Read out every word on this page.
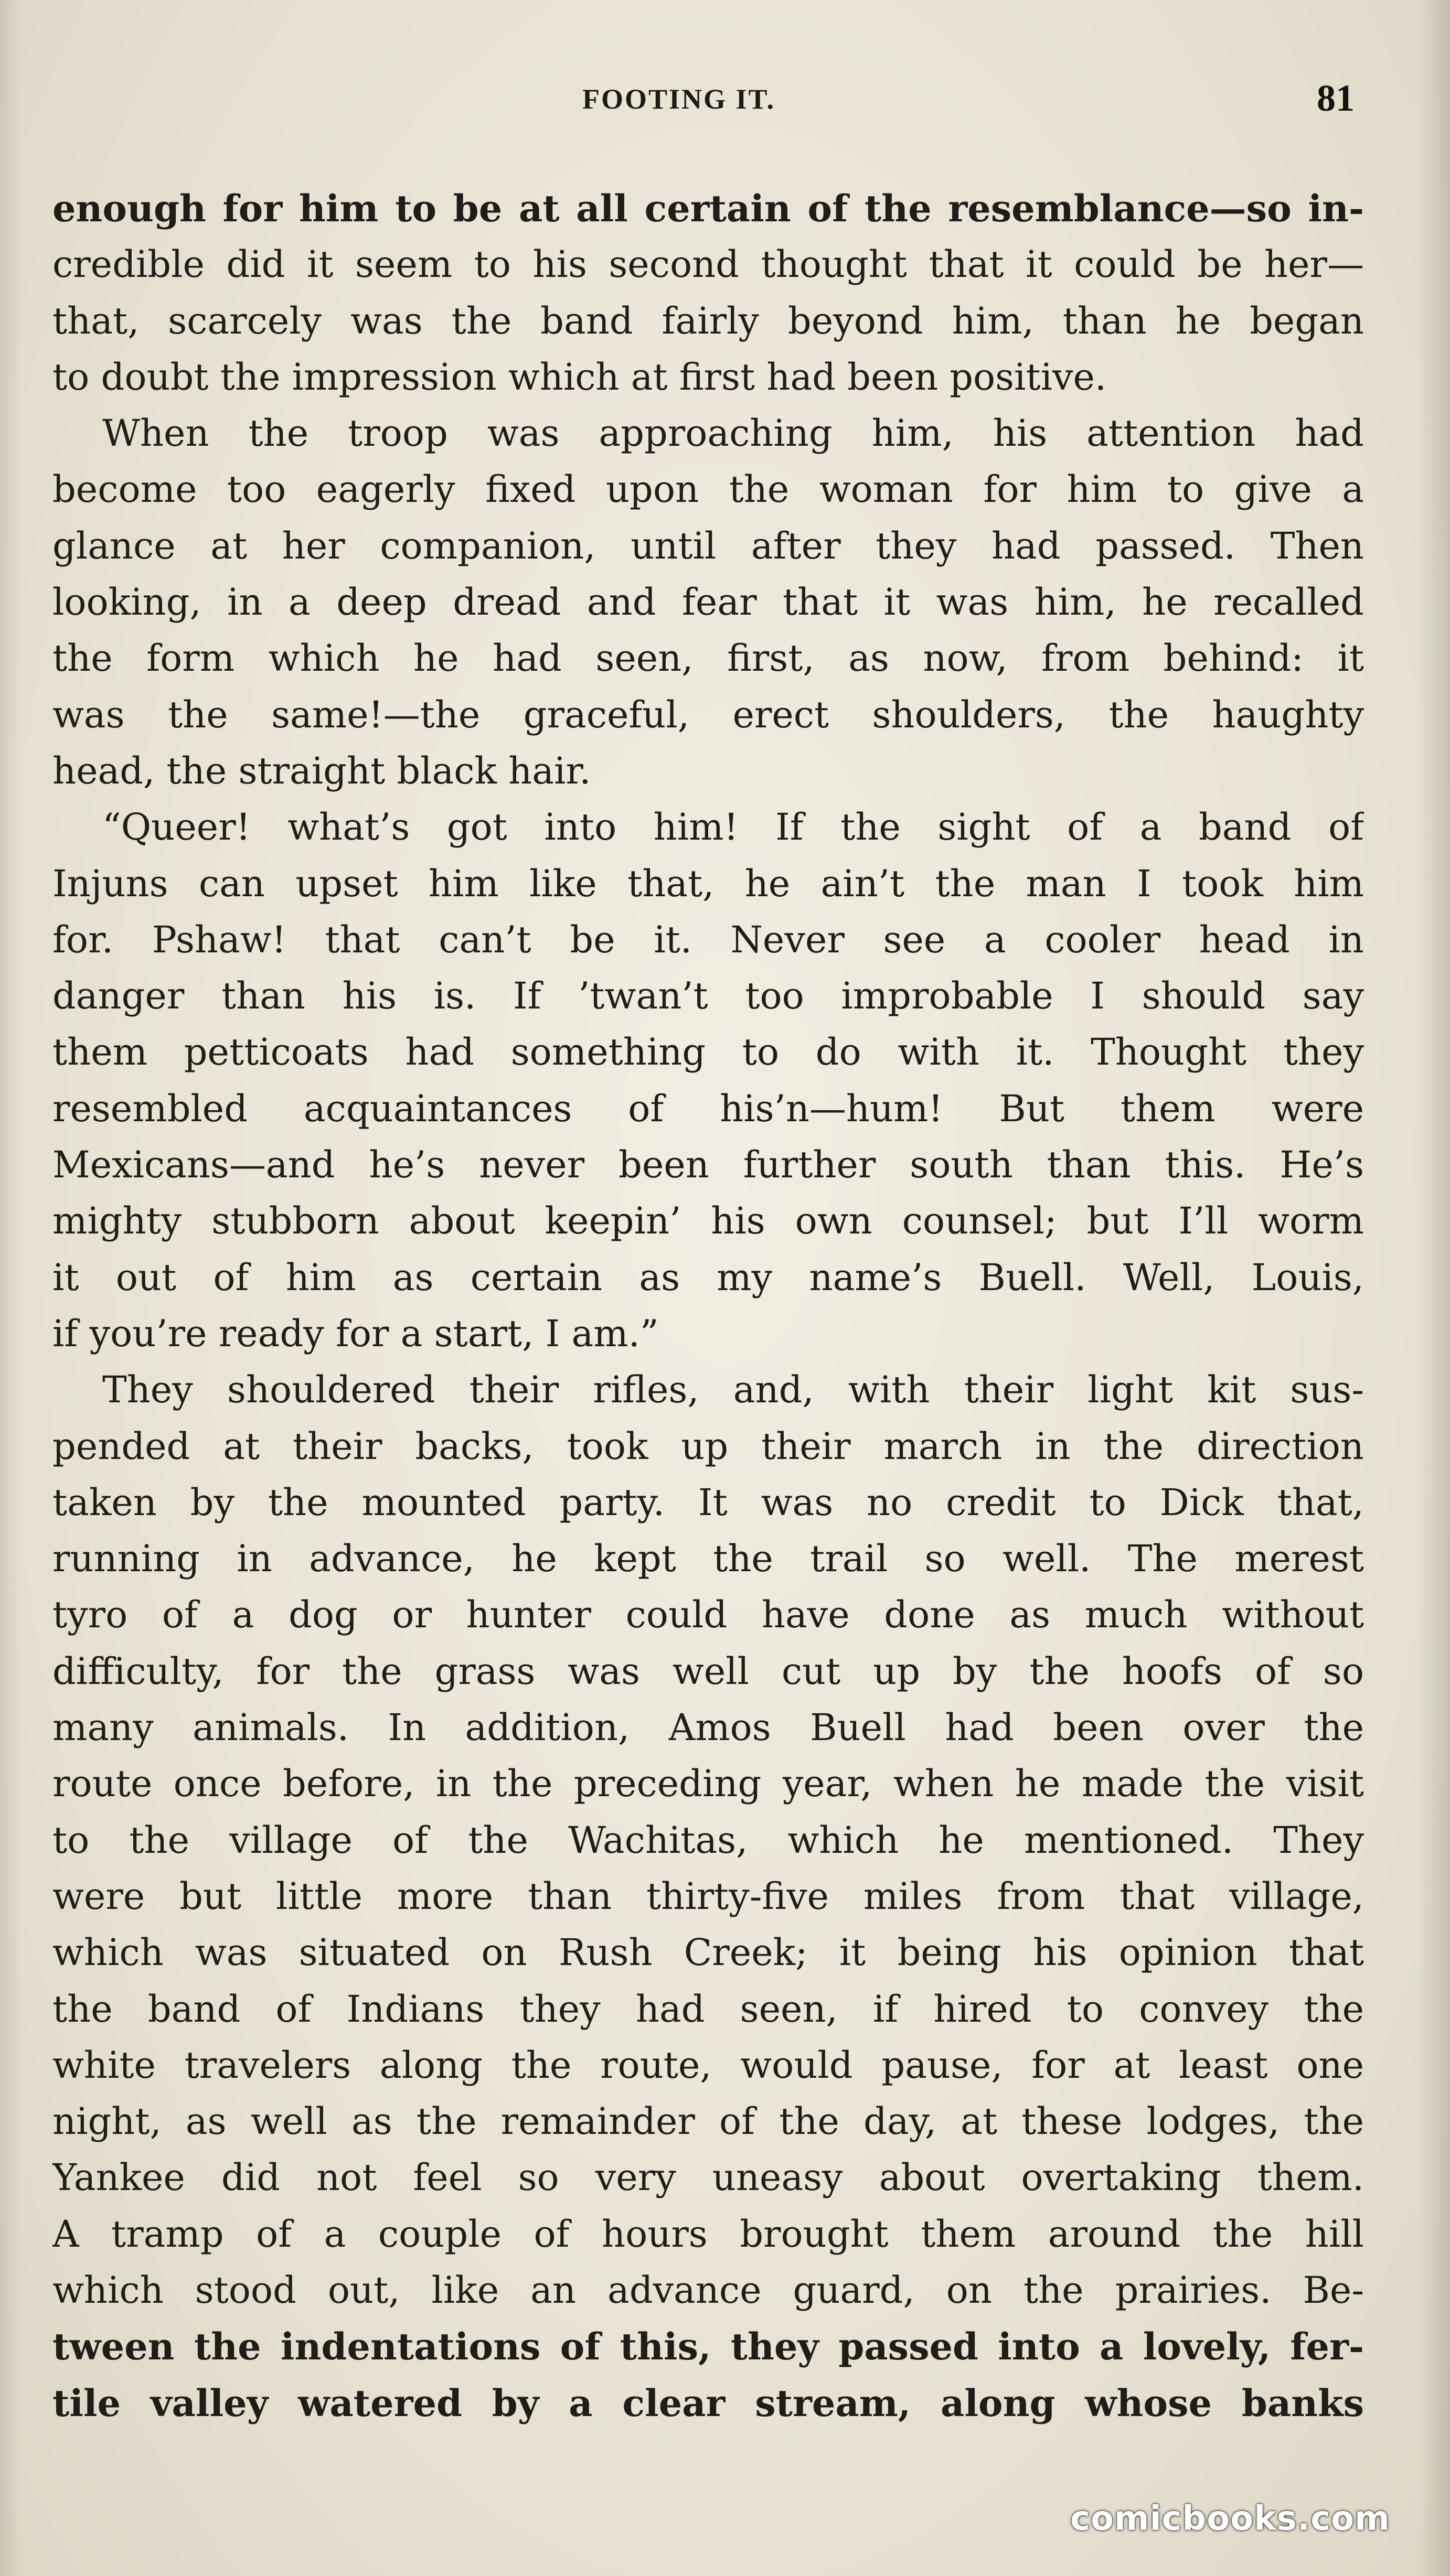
FOOTING IT.	81
enough for him to be at all certain of the resemblance—so in-
credible did it seem to his second thought that it could be her—
that, scarcely was the band fairly beyond him, than he began
to doubt the impression which at first had been positive.
When the troop was approaching him, his attention had
become too eagerly fixed upon the woman for him to give a
glance at her companion, until after they had passed. Then
looking, in a deep dread and fear that it was him, he recalled
the form which he had seen, first, as now, from behind: it
was the same!—the graceful, erect shoulders, the haughty
head, the straight black hair.
“Queer! what’s got into him! If the sight of a band of
Injuns can upset him like that, he ain’t the man I took him
for. Pshaw! that can’t be it. Never see a cooler head in
danger than his is. If ’twan’t too improbable I should say
them petticoats had something to do with it. Thought they
resembled acquaintances of his’n—hum! But them were
Mexicans—and he’s never been further south than this. He’s
mighty stubborn about keepin’ his own counsel; but I’ll worm
it out of him as certain as my name’s Buell. Well, Louis,
if you’re ready for a start, I am.”
They shouldered their rifles, and, with their light kit sus-
pended at their backs, took up their march in the direction
taken by the mounted party. It was no credit to Dick that,
running in advance, he kept the trail so well. The merest
tyro of a dog or hunter could have done as much without
difficulty, for the grass was well cut up by the hoofs of so
many animals. In addition, Amos Buell had been over the
route once before, in the preceding year, when he made the visit
to the village of the Wachitas, which he mentioned. They
were but little more than thirty-five miles from that village,
which was situated on Rush Creek; it being his opinion that
the band of Indians they had seen, if hired to convey the
white travelers along the route, would pause, for at least one
night, as well as the remainder of the day, at these lodges, the
Yankee did not feel so very uneasy about overtaking them.
A tramp of a couple of hours brought them around the hill
which stood out, like an advance guard, on the prairies. Be-
tween the indentations of this, they passed into a lovely, fer-
tile valley watered by a clear stream, along whose banks
comicbooks.com
